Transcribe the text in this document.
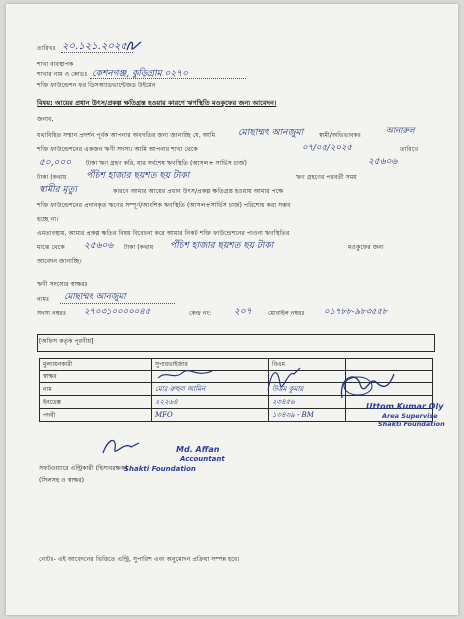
তারিখঃ ২০.১২১.২০২৫
শাখা ব্যবস্থাপক
শাখার নাম ও কোডঃ কেশনগঞ্জ, কুড়িগ্রাম ০২৭০
শক্তি ফাউন্ডেশন ফর ডিসঅ্যাডভান্টেজড উইমেন
বিষয়: আয়ের প্রধান উৎস/প্রকল্প ক্ষতিগ্রস্ত হওয়ার কারণে ঋণস্থিতি মওকুফের জন্য আবেদন।
জনাব,
যথাবিহিত সম্মান প্রদর্শন পূর্বক আপনার অবগতির জন্য জানাচ্ছি যে, আমি	মোছাম্মৎ আনজুমা	স্বামী/অভিভাবকঃ
আনারুল
শক্তি ফাউন্ডেশনের একজন ঋণী সদস্য। আমি আপনার শাখা থেকে	০৭/০৫/২০২৫	তারিখে
৫০,০০০ টাকা ঋণ গ্রহণ করি, যার সর্বশেষ ঋণস্থিতি (আসল+ সার্ভিস চার্জ)	২৫৬০৬
টাকা (কথায় পঁচিশ হাজার ছয়শত ছয় টাকা	ঋণ গ্রহণের পরবর্তী সময়
স্বামীর মৃত্যু	কারণে আমার আয়ের প্রধান উৎস/প্রকল্প ক্ষতিগ্রস্ত হওয়ায় আমার পক্ষে
শক্তি ফাউন্ডেশনের প্রদানকৃত ঋণের সম্পূর্ণ/আংশিক ঋণস্থিতি (আসল+সার্ভিস চার্জ) পরিশোধ করা সম্ভব
হচ্ছে না।
এমতাবস্থায়, আমার প্রকল্প ক্ষতির বিষয় বিবেচনা করে আমার নিকট শক্তি ফাউন্ডেশনের পাওনা ঋণস্থিতির
মাঝে থেকে ২৫৬০৬ টাকা (কথায় পঁচিশ হাজার ছয়শত ছয় টাকা	মওকুফের জন্য
আবেদন জানাচ্ছি।
ঋণী সদস্যের স্বাক্ষরঃ
নামঃ মোছাম্মৎ আনজুমা
সদস্য নম্বরঃ ২৭০৩১০০০০০৪৫	কেন্দ্র নং:	২০৭	মোবাইল নম্বরঃ ০১৭৮৮-৯৮৩৫৫৮
[অফিস কর্তৃক পূরণীয়]
মুল্যায়নকারী	সুপারভাইজার	বিএম	
স্বাক্ষর			
নাম	মোঃ রুহুল আমিন	উত্তম কুমার	
ইনডেক্স	২২২৬৪	২৩৪৫৬	
পদবী	MFO	১৩৪৩৯ - BM	
Uttom Kumar Oly
Area Supervise
Shakti Foundation
Md. Affan
Accountant
Shakti Foundation
সফটওয়্যারে এন্ট্রিকারী (হিসাবরক্ষক)
(সিলসহ ও স্বাক্ষর)
নোটঃ- এই আবেদনের ভিত্তিতে এন্ট্রি, সুপারিশ এবং অনুমোদন প্রক্রিয়া সম্পন্ন হবে।
